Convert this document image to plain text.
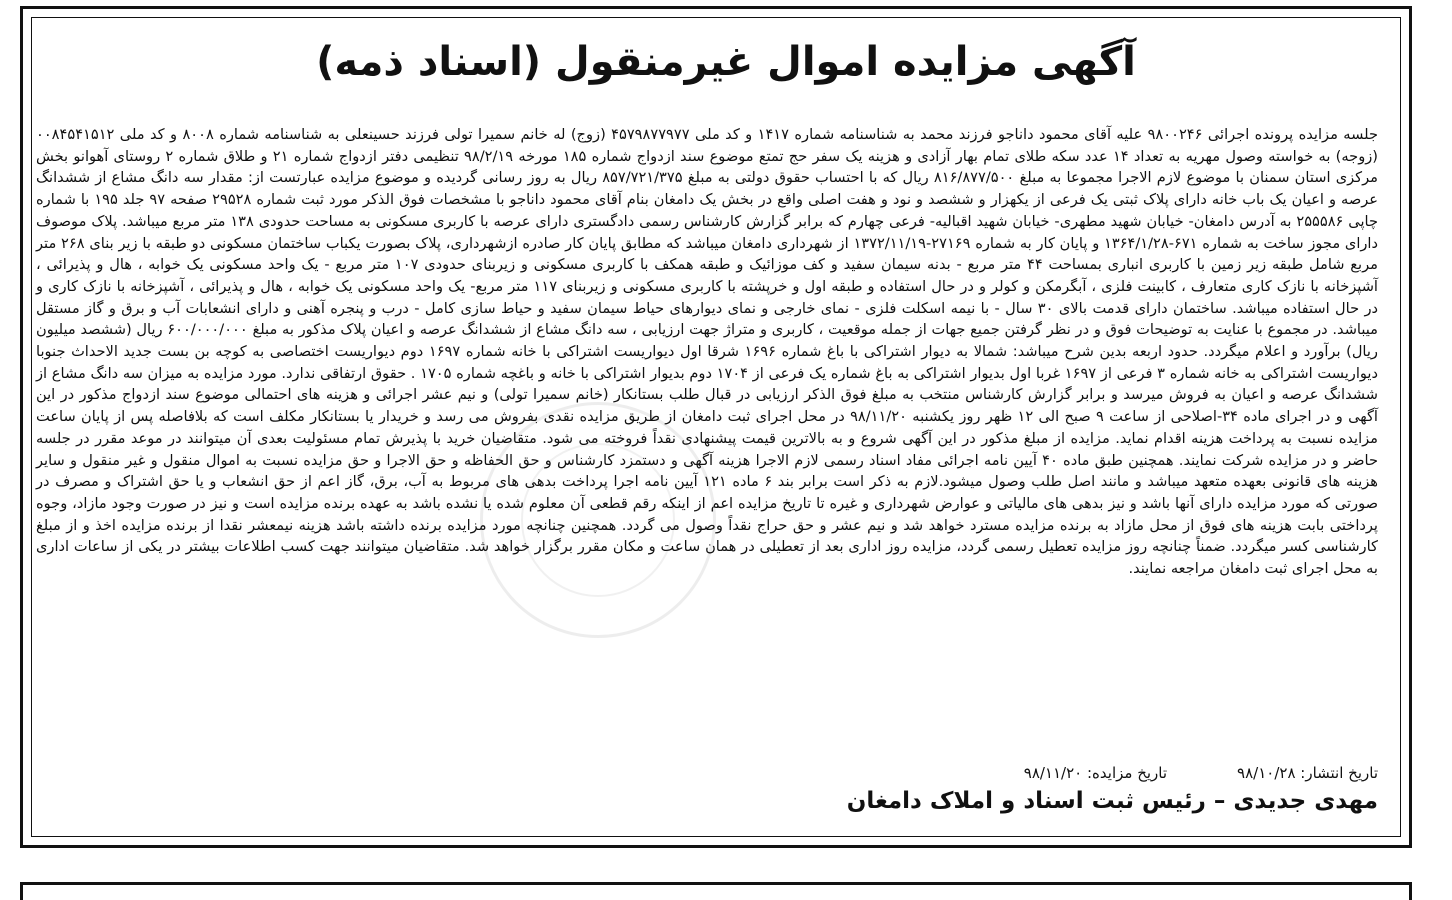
آگهی مزایده اموال غیرمنقول (اسناد ذمه)

جلسه مزایده پرونده اجرائی ۹۸۰۰۲۴۶ علیه آقای محمود داناجو فرزند محمد به شناسنامه شماره ۱۴۱۷ و کد ملی ۴۵۷۹۸۷۷۹۷۷ (زوج) له خانم سمیرا تولی فرزند حسینعلی به شناسنامه شماره ۸۰۰۸ و کد ملی ۰۰۸۴۵۴۱۵۱۲ (زوجه) به خواسته وصول مهریه به تعداد ۱۴ عدد سکه طلای تمام بهار آزادی و هزینه یک سفر حج تمتع موضوع سند ازدواج شماره ۱۸۵ مورخه ۹۸/۲/۱۹ تنظیمی دفتر ازدواج شماره ۲۱ و طلاق شماره ۲ روستای آهوانو بخش مرکزی استان سمنان با موضوع لازم الاجرا مجموعا به مبلغ ۸۱۶/۸۷۷/۵۰۰ ریال که با احتساب حقوق دولتی به مبلغ ۸۵۷/۷۲۱/۳۷۵ ریال به روز رسانی گردیده و موضوع مزایده عبارتست از: مقدار سه دانگ مشاع از ششدانگ عرصه و اعیان یک باب خانه دارای پلاک ثبتی یک فرعی از یکهزار و ششصد و نود و هفت اصلی واقع در بخش یک دامغان بنام آقای محمود داناجو با مشخصات فوق الذکر مورد ثبت شماره ۲۹۵۲۸ صفحه ۹۷ جلد ۱۹۵ با شماره چاپی ۲۵۵۵۸۶ به آدرس دامغان- خیابان شهید مطهری- خیابان شهید اقبالیه- فرعی چهارم که برابر گزارش کارشناس رسمی دادگستری دارای عرصه با کاربری مسکونی به مساحت حدودی ۱۳۸ متر مربع میباشد. پلاک موصوف دارای مجوز ساخت به شماره ۶۷۱-۱۳۶۴/۱/۲۸ و پایان کار به شماره ۲۷۱۶۹-۱۳۷۲/۱۱/۱۹ از شهرداری دامغان میباشد که مطابق پایان کار صادره ازشهرداری، پلاک بصورت یکباب ساختمان مسکونی دو طبقه با زیر بنای ۲۶۸ متر مربع شامل طبقه زیر زمین با کاربری انباری بمساحت ۴۴ متر مربع - بدنه سیمان سفید و کف موزائیک و طبقه همکف با کاربری مسکونی و زیربنای حدودی ۱۰۷ متر مربع - یک واحد مسکونی یک خوابه ، هال و پذیرائی ، آشپزخانه با نازک کاری متعارف ، کابینت فلزی ، آبگرمکن و کولر و در حال استفاده و طبقه اول و خرپشته با کاربری مسکونی و زیربنای ۱۱۷ متر مربع- یک واحد مسکونی یک خوابه ، هال و پذیرائی ، آشپزخانه با نازک کاری و در حال استفاده میباشد. ساختمان دارای قدمت بالای ۳۰ سال - با نیمه اسکلت فلزی - نمای خارجی و نمای دیوارهای حیاط سیمان سفید و حیاط سازی کامل - درب و پنجره آهنی و دارای انشعابات آب و برق و گاز مستقل میباشد. در مجموع با عنایت به توضیحات فوق و در نظر گرفتن جمیع جهات از جمله موقعیت ، کاربری و متراژ جهت ارزیابی ، سه دانگ مشاع از ششدانگ عرصه و اعیان پلاک مذکور به مبلغ ۶۰۰/۰۰۰/۰۰۰ ریال (ششصد میلیون ریال) برآورد و اعلام میگردد. حدود اربعه بدین شرح میباشد: شمالا به دیوار اشتراکی با باغ شماره ۱۶۹۶ شرقا اول دیواریست اشتراکی با خانه شماره ۱۶۹۷ دوم دیواریست اختصاصی به کوچه بن بست جدید الاحداث جنوبا دیواریست اشتراکی به خانه شماره ۳ فرعی از ۱۶۹۷ غربا اول بدیوار اشتراکی به باغ شماره یک فرعی از ۱۷۰۴ دوم بدیوار اشتراکی با خانه و باغچه شماره ۱۷۰۵ . حقوق ارتفاقی ندارد. مورد مزایده به میزان سه دانگ مشاع از ششدانگ عرصه و اعیان به فروش میرسد و برابر گزارش کارشناس منتخب به مبلغ فوق الذکر ارزیابی در قبال طلب بستانکار (خانم سمیرا تولی) و نیم عشر اجرائی و هزینه های احتمالی موضوع سند ازدواج مذکور در این آگهی و در اجرای ماده ۳۴-اصلاحی از ساعت ۹ صبح الی ۱۲ ظهر روز یکشنبه ۹۸/۱۱/۲۰ در محل اجرای ثبت دامغان از طریق مزایده نقدی بفروش می رسد و خریدار یا بستانکار مکلف است که بلافاصله پس از پایان ساعت مزایده نسبت به پرداخت هزینه اقدام نماید. مزایده از مبلغ مذکور در این آگهی شروع و به بالاترین قیمت پیشنهادی نقداً فروخته می شود. متقاضیان خرید با پذیرش تمام مسئولیت بعدی آن میتوانند در موعد مقرر در جلسه حاضر و در مزایده شرکت نمایند. همچنین طبق ماده ۴۰ آیین نامه اجرائی مفاد اسناد رسمی لازم الاجرا هزینه آگهی و دستمزد کارشناس و حق الحفاظه و حق الاجرا و حق مزایده نسبت به اموال منقول و غیر منقول و سایر هزینه های قانونی بعهده متعهد میباشد و مانند اصل طلب وصول میشود.لازم به ذکر است برابر بند ۶ ماده ۱۲۱ آیین نامه اجرا پرداخت بدهی های مربوط به آب، برق، گاز اعم از حق انشعاب و یا حق اشتراک و مصرف در صورتی که مورد مزایده دارای آنها باشد و نیز بدهی های مالیاتی و عوارض شهرداری و غیره تا تاریخ مزایده اعم از اینکه رقم قطعی آن معلوم شده یا نشده باشد به عهده برنده مزایده است و نیز در صورت وجود مازاد، وجوه پرداختی بابت هزینه های فوق از محل مازاد به برنده مزایده مسترد خواهد شد و نیم عشر و حق حراج نقداً وصول می گردد. همچنین چنانچه مورد مزایده برنده داشته باشد هزینه نیمعشر نقدا از برنده مزایده اخذ و از مبلغ کارشناسی کسر میگردد. ضمناً چنانچه روز مزایده تعطیل رسمی گردد، مزایده روز اداری بعد از تعطیلی در همان ساعت و مکان مقرر برگزار خواهد شد. متقاضیان میتوانند جهت کسب اطلاعات بیشتر در یکی از ساعات اداری به محل اجرای ثبت دامغان مراجعه نمایند.

تاریخ انتشار: ۹۸/۱۰/۲۸
تاریخ مزایده: ۹۸/۱۱/۲۰
مهدی جدیدی – رئیس ثبت اسناد و املاک دامغان
